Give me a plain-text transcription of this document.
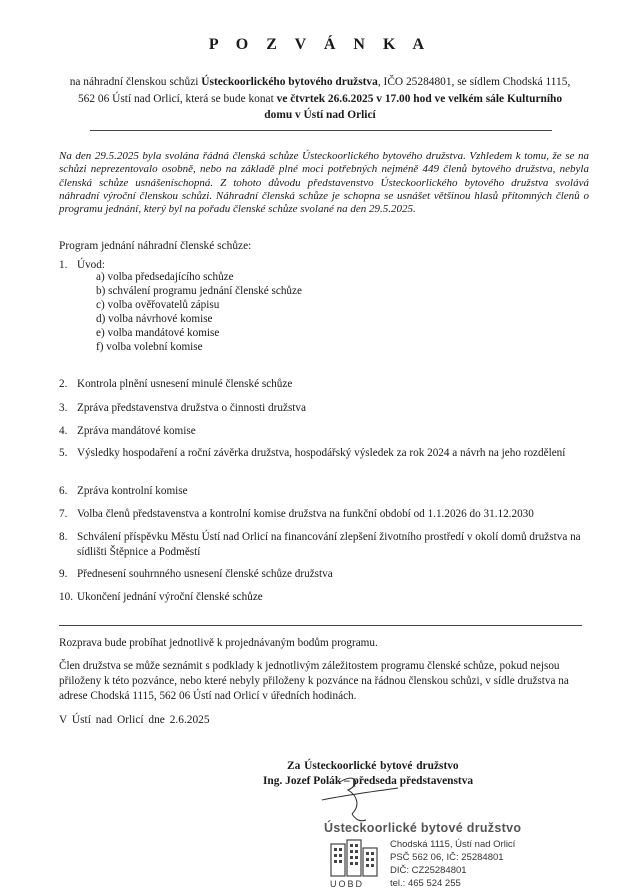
P O Z V Á N K A
na náhradní členskou schůzi Ústeckoorlického bytového družstva, IČO 25284801, se sídlem Chodská 1115, 562 06 Ústí nad Orlicí, která se bude konat ve čtvrtek 26.6.2025 v 17.00 hod ve velkém sále Kulturního domu v Ústí nad Orlicí
Na den 29.5.2025 byla svolána řádná členská schůze Ústeckoorlického bytového družstva. Vzhledem k tomu, že se na schůzi neprezentovalo osobně, nebo na základě plné moci potřebných nejméně 449 členů bytového družstva, nebyla členská schůze usnášeníschopná. Z tohoto důvodu představenstvo Ústeckoorlického bytového družstva svolává náhradní výroční členskou schůzi. Náhradní členská schůze je schopna se usnášet většinou hlasů přítomných členů o programu jednání, který byl na pořadu členské schůze svolané na den 29.5.2025.
Program jednání náhradní členské schůze:
1. Úvod:
a) volba předsedajícího schůze
b) schválení programu jednání členské schůze
c) volba ověřovatelů zápisu
d) volba návrhové komise
e) volba mandátové komise
f) volba volební komise
2. Kontrola plnění usnesení minulé členské schůze
3. Zpráva představenstva družstva o činnosti družstva
4. Zpráva mandátové komise
5. Výsledky hospodaření a roční závěrka družstva, hospodářský výsledek za rok 2024 a návrh na jeho rozdělení
6. Zpráva kontrolní komise
7. Volba členů představenstva a kontrolní komise družstva na funkční období od 1.1.2026 do 31.12.2030
8. Schválení příspěvku Městu Ústí nad Orlicí na financování zlepšení životního prostředí v okolí domů družstva na sídlišti Štěpnice a Podměstí
9. Přednesení souhrnného usnesení členské schůze družstva
10. Ukončení jednání výroční členské schůze
Rozprava bude probíhat jednotlivě k projednávaným bodům programu.
Člen družstva se může seznámit s podklady k jednotlivým záležitostem programu členské schůze, pokud nejsou přiloženy k této pozvánce, nebo které nebyly přiloženy k pozvánce na řádnou členskou schůzi, v sídle družstva na adrese Chodská 1115, 562 06 Ústí nad Orlicí v úředních hodinách.
V Ústí nad Orlicí dne 2.6.2025
Za Ústeckoorlické bytové družstvo
Ing. Jozef Polák – předseda představenstva
Ústeckoorlické bytové družstvo
Chodská 1115, Ústí nad Orlicí
PSČ 562 06, IČ: 25284801
DIČ: CZ25284801
tel.: 465 524 255
UOBD
